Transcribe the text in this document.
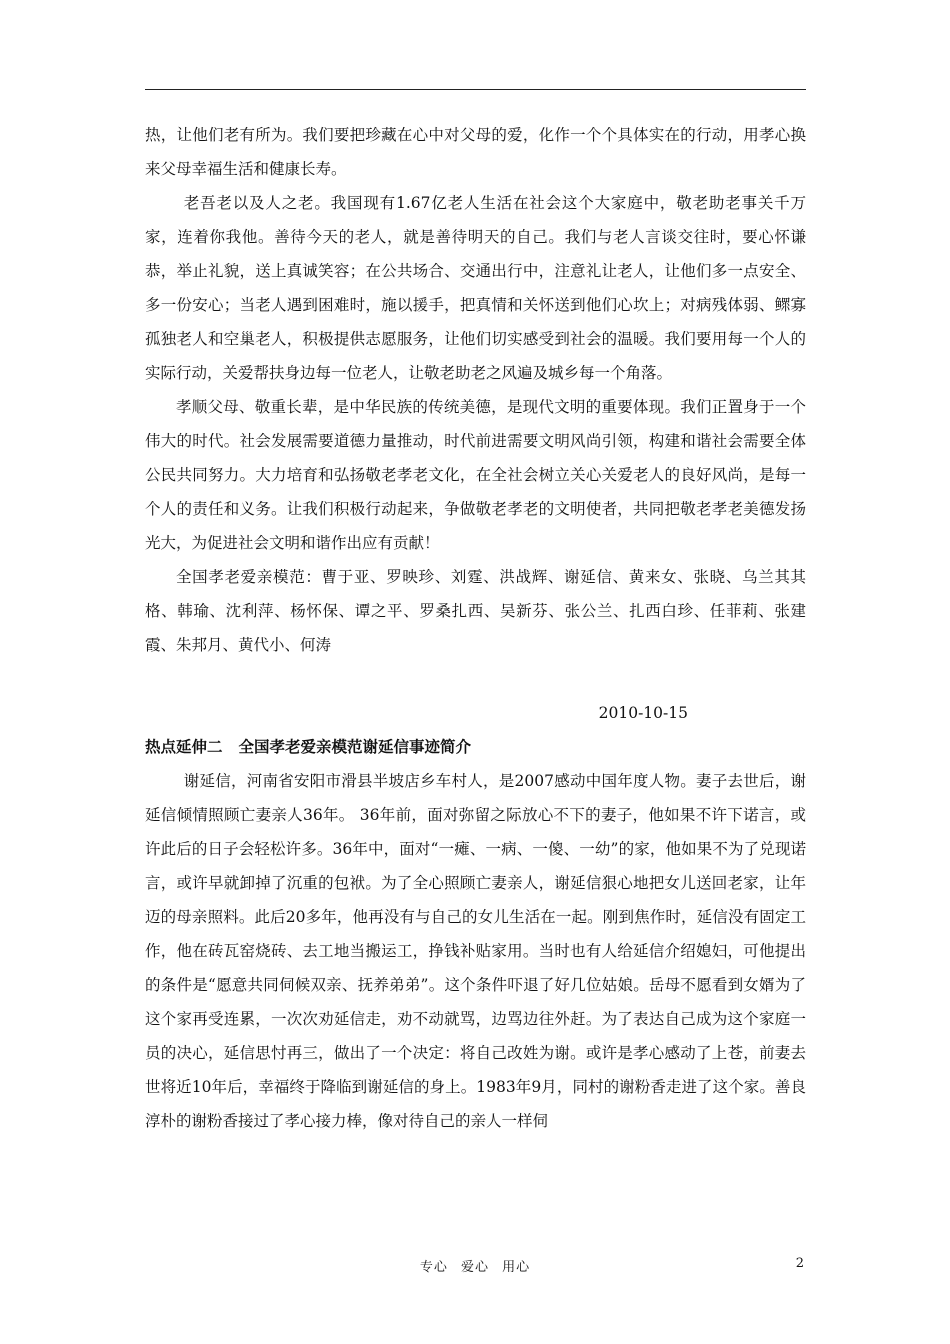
热，让他们老有所为。我们要把珍藏在心中对父母的爱，化作一个个具体实在的行动，用孝心换来父母幸福生活和健康长寿。

老吾老以及人之老。我国现有1.67亿老人生活在社会这个大家庭中，敬老助老事关千万家，连着你我他。善待今天的老人，就是善待明天的自己。我们与老人言谈交往时，要心怀谦恭，举止礼貌，送上真诚笑容；在公共场合、交通出行中，注意礼让老人，让他们多一点安全、多一份安心；当老人遇到困难时，施以援手，把真情和关怀送到他们心坎上；对病残体弱、鳏寡孤独老人和空巢老人，积极提供志愿服务，让他们切实感受到社会的温暖。我们要用每一个人的实际行动，关爱帮扶身边每一位老人，让敬老助老之风遍及城乡每一个角落。

孝顺父母、敬重长辈，是中华民族的传统美德，是现代文明的重要体现。我们正置身于一个伟大的时代。社会发展需要道德力量推动，时代前进需要文明风尚引领，构建和谐社会需要全体公民共同努力。大力培育和弘扬敬老孝老文化，在全社会树立关心关爱老人的良好风尚，是每一个人的责任和义务。让我们积极行动起来，争做敬老孝老的文明使者，共同把敬老孝老美德发扬光大，为促进社会文明和谐作出应有贡献！

全国孝老爱亲模范：曹于亚、罗映珍、刘霆、洪战辉、谢延信、黄来女、张晓、乌兰其其格、韩瑜、沈利萍、杨怀保、谭之平、罗桑扎西、吴新芬、张公兰、扎西白珍、任菲莉、张建霞、朱邦月、黄代小、何涛

2010-10-15

热点延伸二 全国孝老爱亲模范谢延信事迹简介

谢延信，河南省安阳市滑县半坡店乡车村人，是2007感动中国年度人物。妻子去世后，谢延信倾情照顾亡妻亲人36年。 36年前，面对弥留之际放心不下的妻子，他如果不许下诺言，或许此后的日子会轻松许多。36年中，面对“一瘫、一病、一傻、一幼”的家，他如果不为了兑现诺言，或许早就卸掉了沉重的包袱。为了全心照顾亡妻亲人，谢延信狠心地把女儿送回老家，让年迈的母亲照料。此后20多年，他再没有与自己的女儿生活在一起。刚到焦作时，延信没有固定工作，他在砖瓦窑烧砖、去工地当搬运工，挣钱补贴家用。当时也有人给延信介绍媳妇，可他提出的条件是“愿意共同伺候双亲、抚养弟弟”。这个条件吓退了好几位姑娘。岳母不愿看到女婿为了这个家再受连累，一次次劝延信走，劝不动就骂，边骂边往外赶。为了表达自己成为这个家庭一员的决心，延信思忖再三，做出了一个决定：将自己改姓为谢。或许是孝心感动了上苍，前妻去世将近10年后，幸福终于降临到谢延信的身上。1983年9月，同村的谢粉香走进了这个家。善良淳朴的谢粉香接过了孝心接力棒，像对待自己的亲人一样伺

专心 爱心 用心	2
